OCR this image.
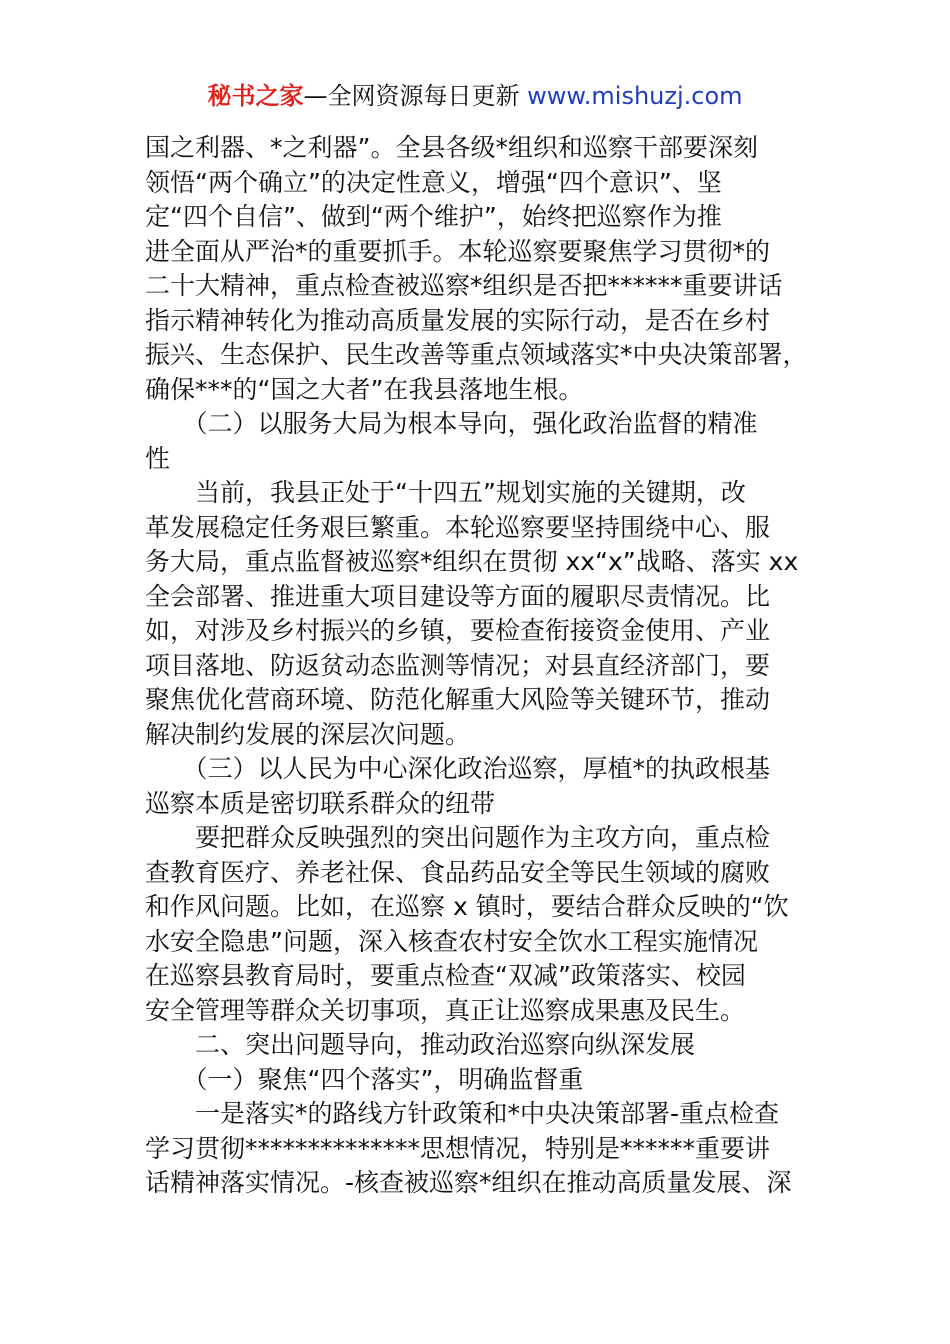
秘书之家—全网资源每日更新 www.mishuzj.com
国之利器、*之利器”。全县各级*组织和巡察干部要深刻
领悟“两个确立”的决定性意义，增强“四个意识”、坚
定“四个自信”、做到“两个维护”，始终把巡察作为推
进全面从严治*的重要抓手。本轮巡察要聚焦学习贯彻*的
二十大精神，重点检查被巡察*组织是否把******重要讲话
指示精神转化为推动高质量发展的实际行动，是否在乡村
振兴、生态保护、民生改善等重点领域落实*中央决策部署，
确保***的“国之大者”在我县落地生根。
　　（二）以服务大局为根本导向，强化政治监督的精准
性
　　当前，我县正处于“十四五”规划实施的关键期，改
革发展稳定任务艰巨繁重。本轮巡察要坚持围绕中心、服
务大局，重点监督被巡察*组织在贯彻 xx“x”战略、落实 xx
全会部署、推进重大项目建设等方面的履职尽责情况。比
如，对涉及乡村振兴的乡镇，要检查衔接资金使用、产业
项目落地、防返贫动态监测等情况；对县直经济部门，要
聚焦优化营商环境、防范化解重大风险等关键环节，推动
解决制约发展的深层次问题。
　　（三）以人民为中心深化政治巡察，厚植*的执政根基
巡察本质是密切联系群众的纽带
　　要把群众反映强烈的突出问题作为主攻方向，重点检
查教育医疗、养老社保、食品药品安全等民生领域的腐败
和作风问题。比如，在巡察 x 镇时，要结合群众反映的“饮
水安全隐患”问题，深入核查农村安全饮水工程实施情况
在巡察县教育局时，要重点检查“双减”政策落实、校园
安全管理等群众关切事项，真正让巡察成果惠及民生。
　　二、突出问题导向，推动政治巡察向纵深发展
　　（一）聚焦“四个落实”，明确监督重
　　一是落实*的路线方针政策和*中央决策部署-重点检查
学习贯彻**************思想情况，特别是******重要讲
话精神落实情况。-核查被巡察*组织在推动高质量发展、深
